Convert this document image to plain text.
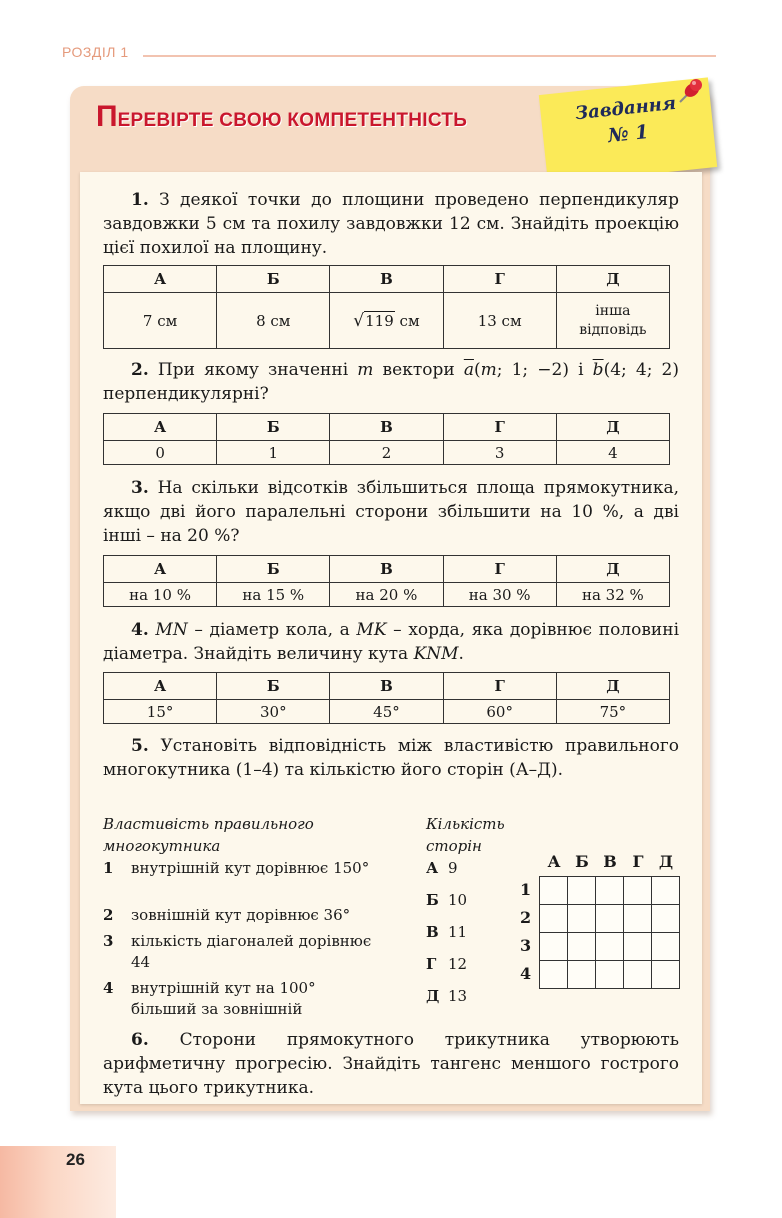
РОЗДІЛ 1
П ЕРЕВІРТЕ СВОЮ КОМПЕТЕНТНІСТЬ	Завдання
№ 1
1. З деякої точки до площини проведено перпендикуляр завдовжки 5 см та похилу завдовжки 12 см. Знайдіть проекцію цієї похилої на площину.
А	Б	В	Г	Д
7 см	8 см	√119 см	13 см	інша
відповідь
2. При якому значенні m вектори $\overline{a}(m$; 1; −2) і $\overline{b}(4$; 4; 2) перпендикулярні?
А	Б	В	Г	Д
0	1	2	3	4
3. На скільки відсотків збільшиться площа прямокутника, якщо дві його паралельні сторони збільшити на 10 %, а дві інші – на 20 %?
А	Б	В	Г	Д
на 10 %	на 15 %	на 20 %	на 30 %	на 32 %
4. MN – діаметр кола, а MK – хорда, яка дорівнює половині діаметра. Знайдіть величину кута KNM.
А	Б	В	Г	Д
15°	30°	45°	60°	75°
5. Установіть відповідність між властивістю правильного многокутника (1–4) та кількістю його сторін (А–Д).
Властивість правильного
многокутника
Кількість
сторін
1 внутрішній кут дорівнює 150°
2 зовнішній кут дорівнює 36°
3 кількість діагоналей дорівнює 44
4 внутрішній кут на 100° більший за зовнішній
А 9
Б 10
В 11
Г 12
Д 13
А Б В Г Д
1
2
3
4

6. Сторони прямокутного трикутника утворюють арифметичну прогресію. Знайдіть тангенс меншого гострого кута цього трикутника.
26
